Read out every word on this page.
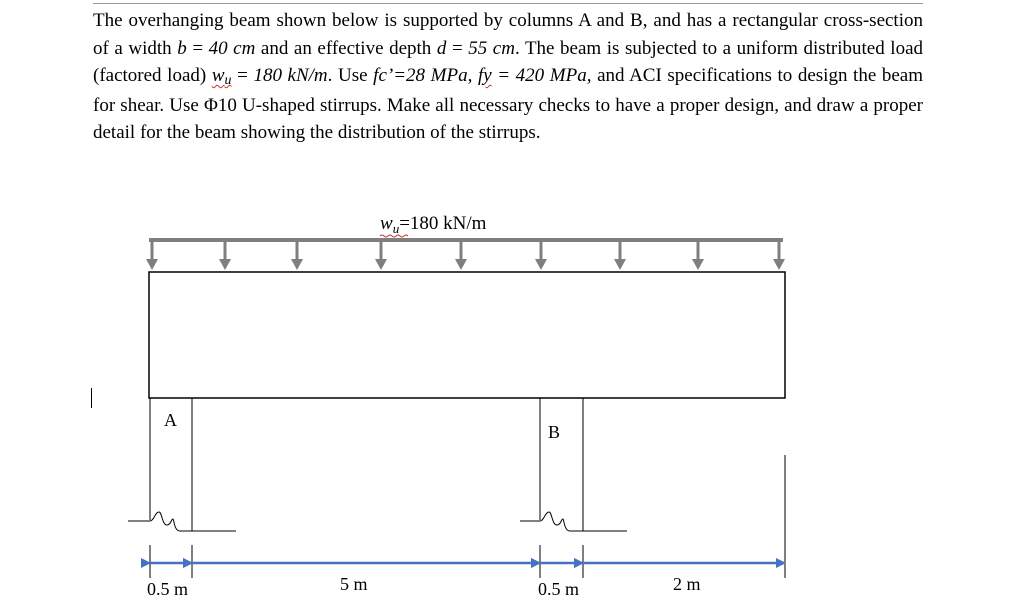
The overhanging beam shown below is supported by columns A and B, and has a rectangular cross-section of a width b = 40 cm and an effective depth d = 55 cm. The beam is subjected to a uniform distributed load (factored load) wu = 180 kN/m. Use fc’=28 MPa, fy = 420 MPa, and ACI specifications to design the beam for shear. Use Φ10 U-shaped stirrups. Make all necessary checks to have a proper design, and draw a proper detail for the beam showing the distribution of the stirrups.

$w_u=180$ kN/m
A
B
0.5 m	5 m	0.5 m	2 m
